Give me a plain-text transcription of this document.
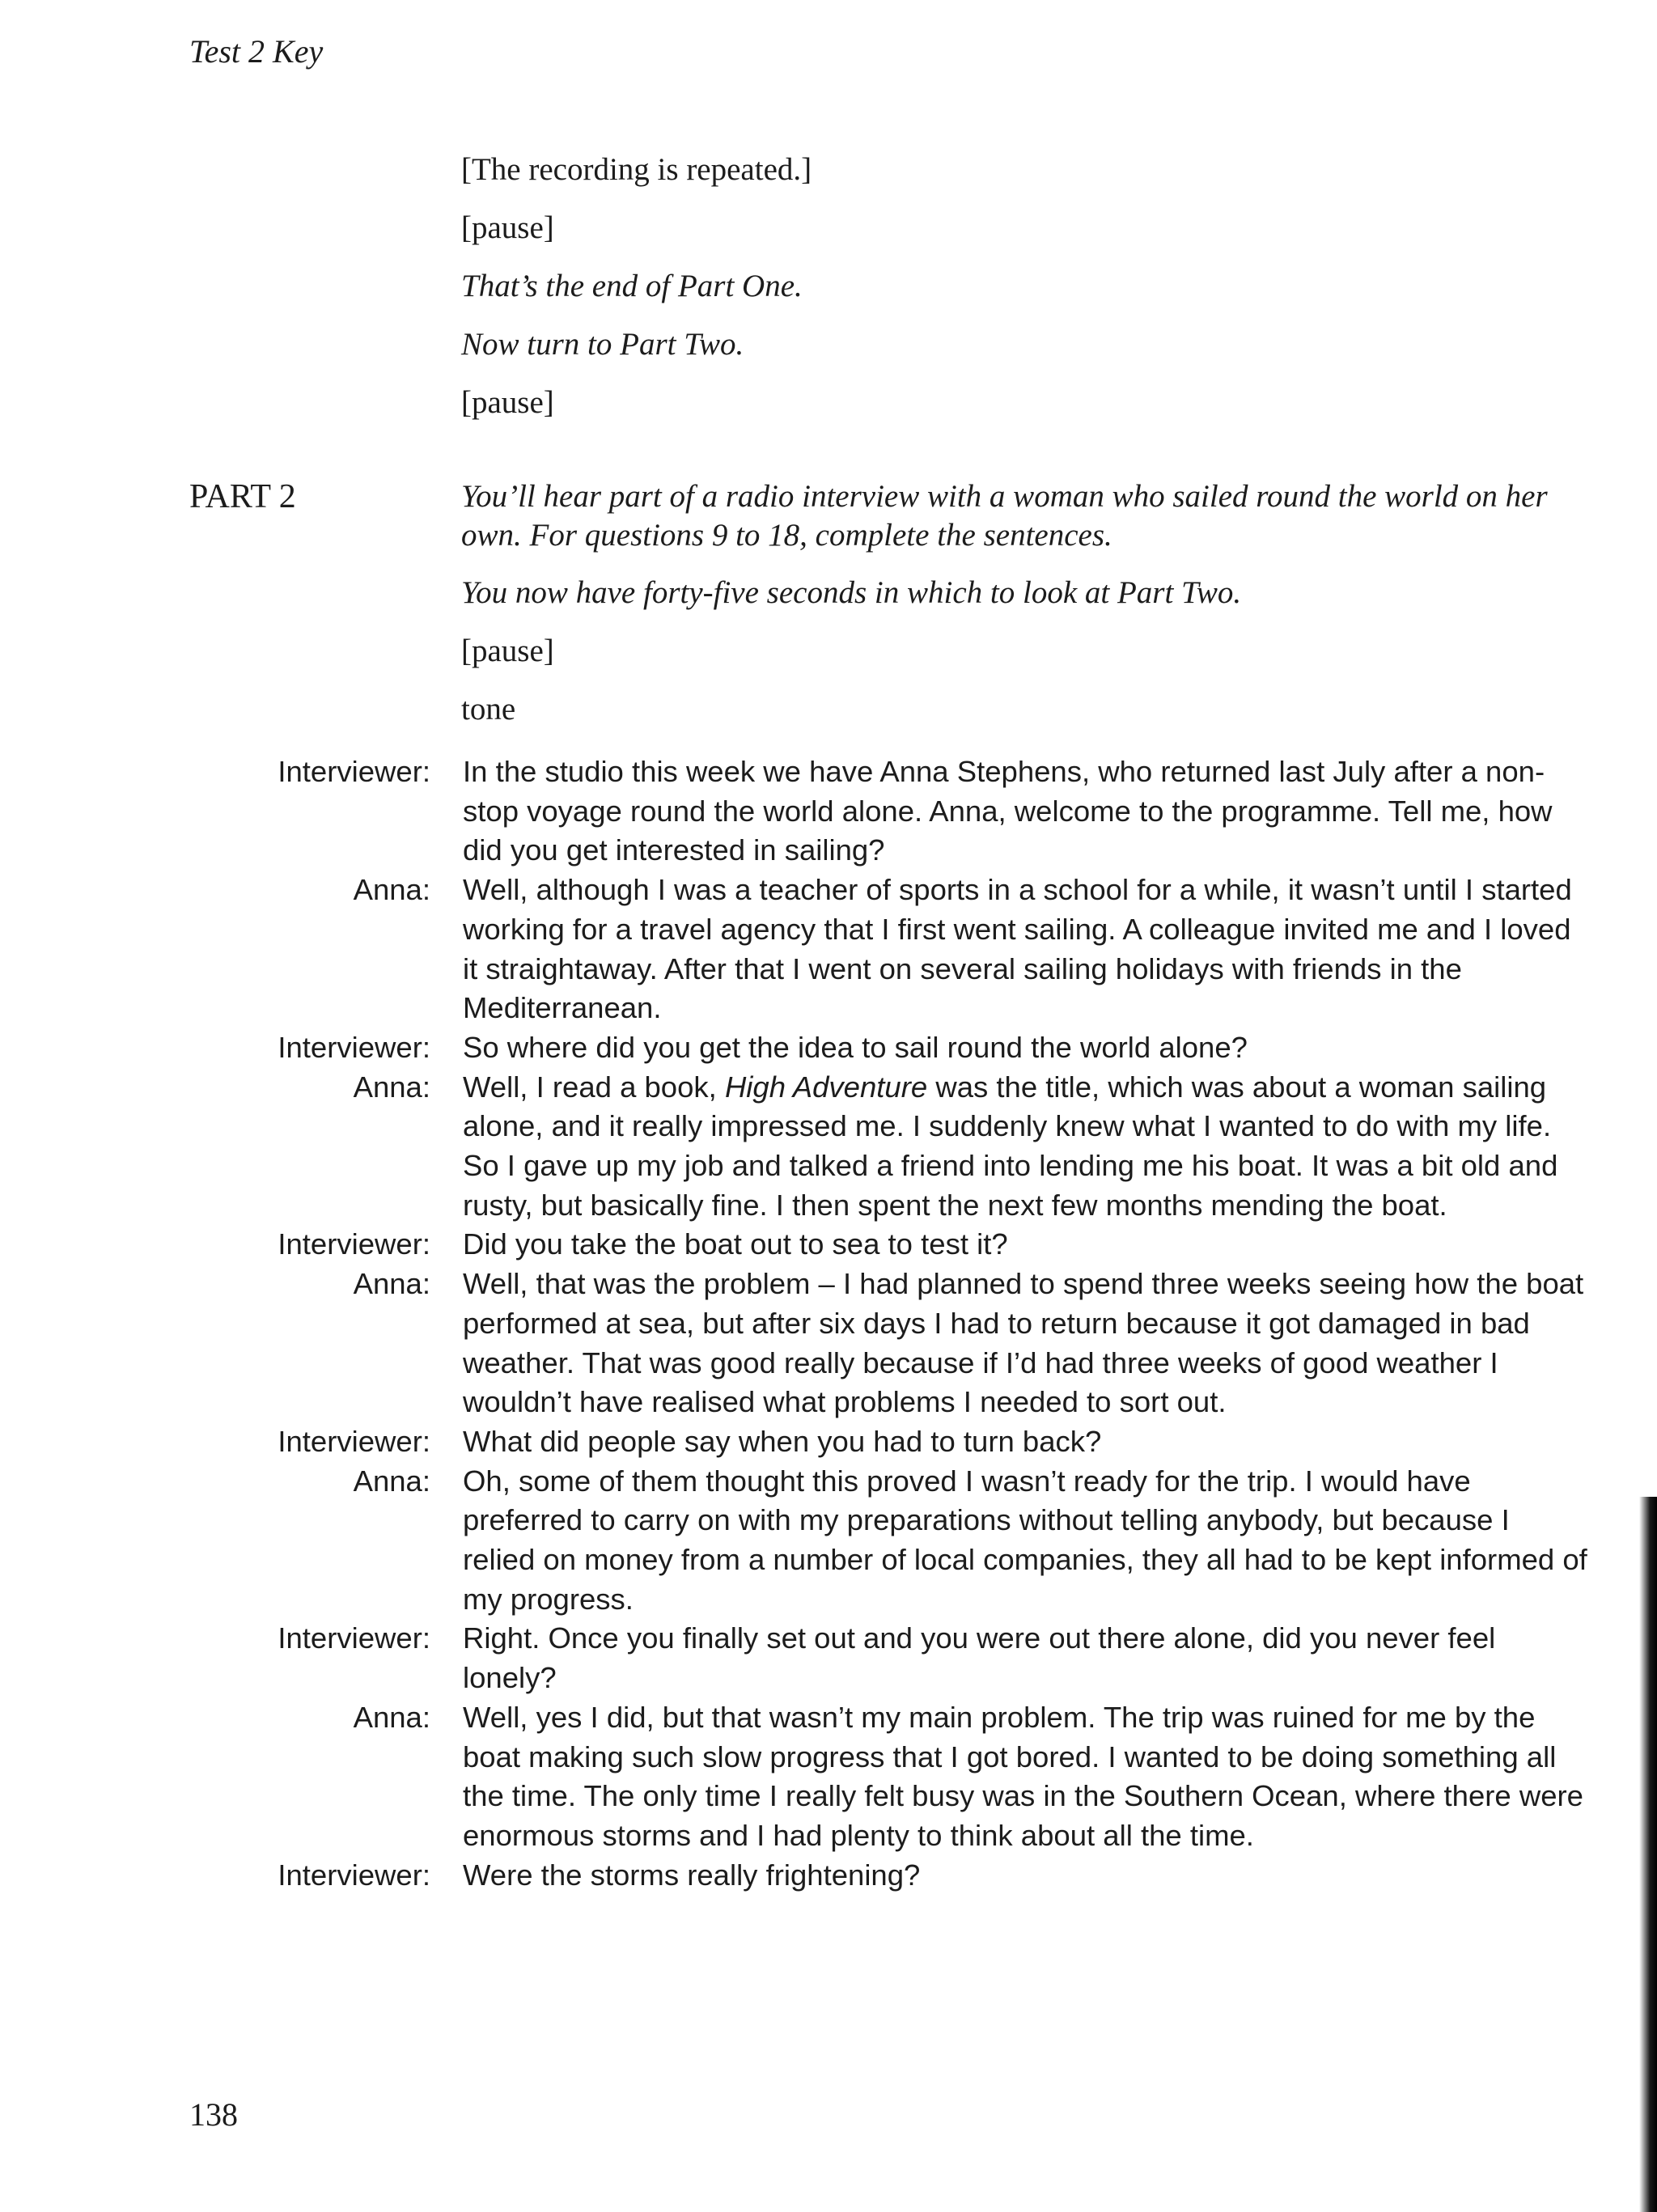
Test 2 Key
[The recording is repeated.]
[pause]
That’s the end of Part One.
Now turn to Part Two.
[pause]
PART 2	You’ll hear part of a radio interview with a woman who sailed round the world on her own. For questions 9 to 18, complete the sentences.
You now have forty-five seconds in which to look at Part Two.
[pause]
tone
Interviewer: In the studio this week we have Anna Stephens, who returned last July after a non-stop voyage round the world alone. Anna, welcome to the programme. Tell me, how did you get interested in sailing?
Anna: Well, although I was a teacher of sports in a school for a while, it wasn’t until I started working for a travel agency that I first went sailing. A colleague invited me and I loved it straightaway. After that I went on several sailing holidays with friends in the Mediterranean.
Interviewer: So where did you get the idea to sail round the world alone?
Anna: Well, I read a book, High Adventure was the title, which was about a woman sailing alone, and it really impressed me. I suddenly knew what I wanted to do with my life. So I gave up my job and talked a friend into lending me his boat. It was a bit old and rusty, but basically fine. I then spent the next few months mending the boat.
Interviewer: Did you take the boat out to sea to test it?
Anna: Well, that was the problem – I had planned to spend three weeks seeing how the boat performed at sea, but after six days I had to return because it got damaged in bad weather. That was good really because if I’d had three weeks of good weather I wouldn’t have realised what problems I needed to sort out.
Interviewer: What did people say when you had to turn back?
Anna: Oh, some of them thought this proved I wasn’t ready for the trip. I would have preferred to carry on with my preparations without telling anybody, but because I relied on money from a number of local companies, they all had to be kept informed of my progress.
Interviewer: Right. Once you finally set out and you were out there alone, did you never feel lonely?
Anna: Well, yes I did, but that wasn’t my main problem. The trip was ruined for me by the boat making such slow progress that I got bored. I wanted to be doing something all the time. The only time I really felt busy was in the Southern Ocean, where there were enormous storms and I had plenty to think about all the time.
Interviewer: Were the storms really frightening?
138
